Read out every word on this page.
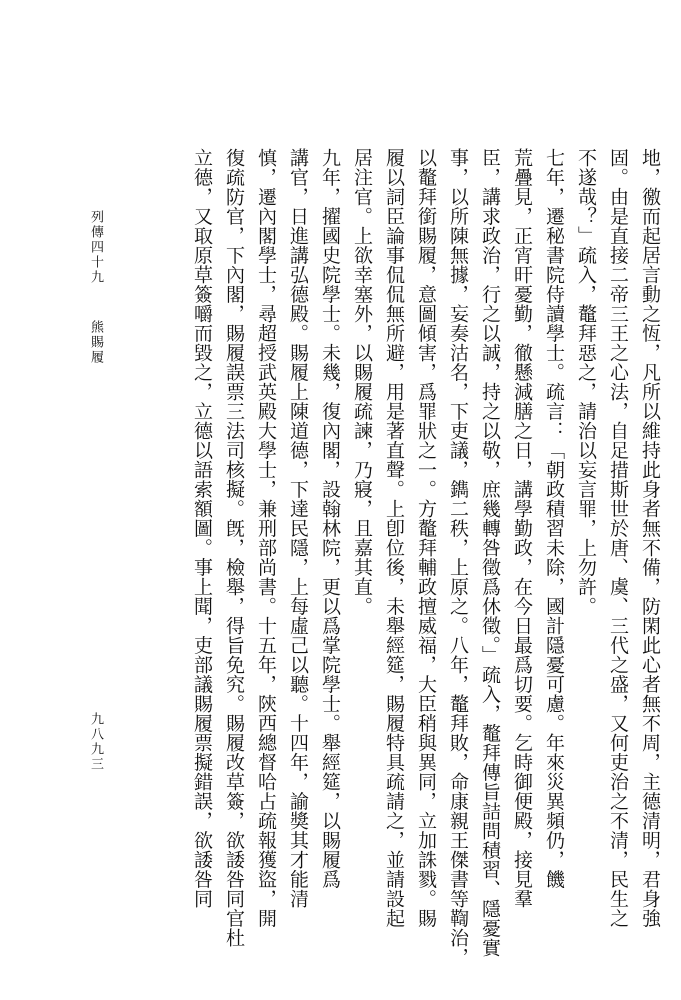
地，徼而起居言動之恆，凡所以維持此身者無不備，防閑此心者無不周，主德清明，君身強
固。由是直接二帝三王之心法，自足措斯世於唐、虞、三代之盛，又何吏治之不清，民生之
不遂哉？」疏入，鼇拜惡之，請治以妄言罪，上勿許。
七年，遷秘書院侍讀學士。疏言：「朝政積習未除，國計隱憂可慮。年來災異頻仍，饑
荒疊見，正宵旰憂勤，徹懸減膳之日，講學勤政，在今日最爲切要。乞時御便殿，接見羣
臣，講求政治，行之以誠，持之以敬，庶幾轉咎徵爲休徵。」疏入，鼇拜傳旨詰問積習、隱憂實
事，以所陳無據，妄奏沽名，下吏議，鐫二秩，上原之。八年，鼇拜敗，命康親王傑書等鞫治，
以鼇拜銜賜履，意圖傾害，爲罪狀之一。方鼇拜輔政擅威福，大臣稍與異同，立加誅戮。賜
履以詞臣論事侃侃無所避，用是著直聲。上卽位後，未舉經筵，賜履特具疏請之，並請設起
居注官。上欲幸塞外，以賜履疏諫，乃寢，且嘉其直。
九年，擢國史院學士。未幾，復內閣，設翰林院，更以爲掌院學士。舉經筵，以賜履爲
講官，日進講弘德殿。賜履上陳道德，下達民隱，上每虛己以聽。十四年，諭獎其才能清
慎，遷內閣學士，尋超授武英殿大學士，兼刑部尚書。十五年，陝西總督哈占疏報獲盜，開
復疏防官，下內閣，賜履誤票三法司核擬。旣，檢舉，得旨免究。賜履改草簽，欲諉咎同官杜
立德，又取原草簽嚼而毀之，立德以語索額圖。事上聞，吏部議賜履票擬錯誤，欲諉咎同
列傳四十九
熊賜履
九八九三
